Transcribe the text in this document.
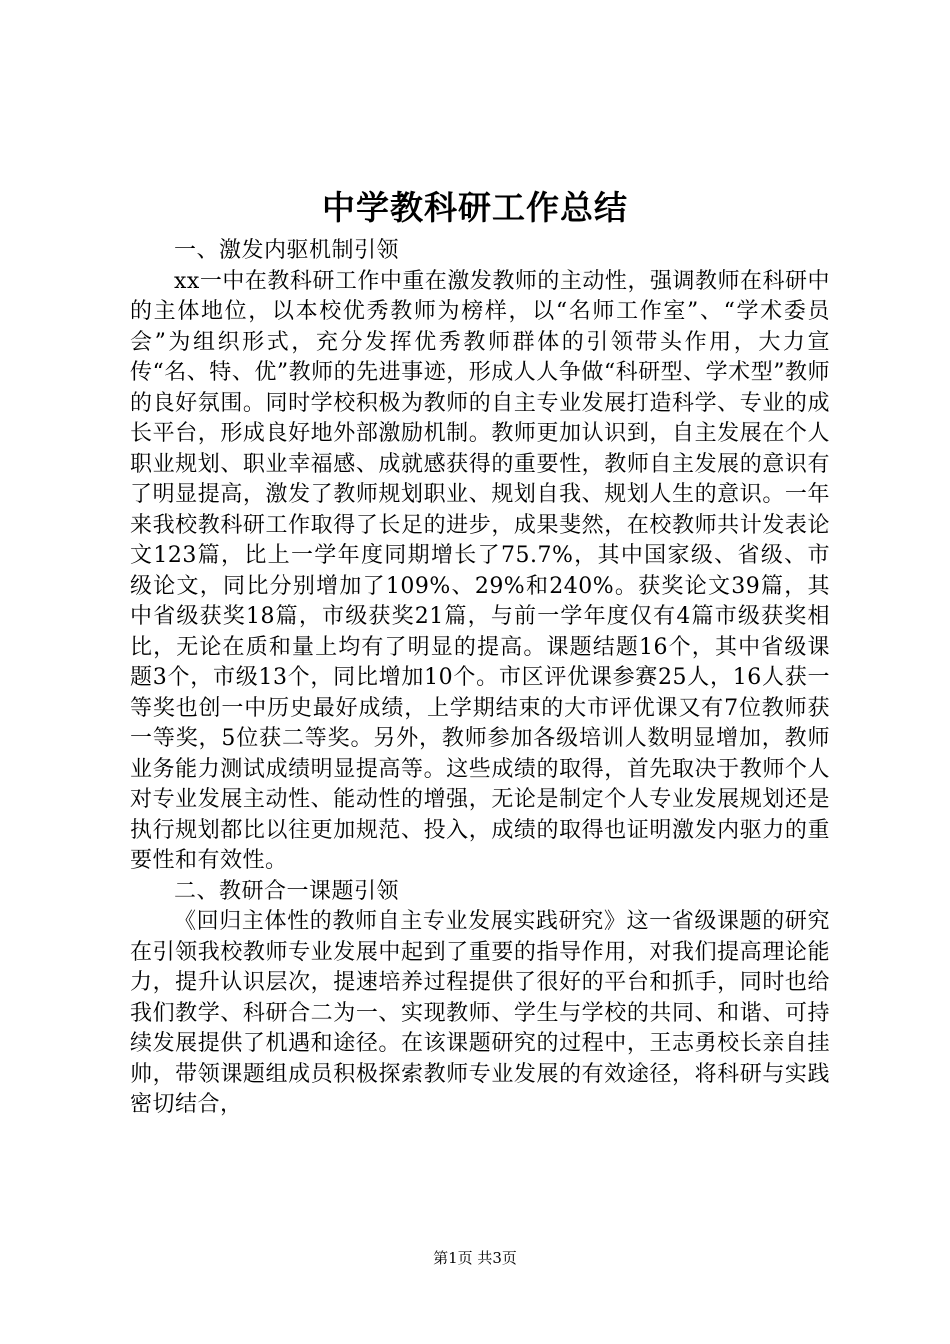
中学教科研工作总结

一、激发内驱机制引领

xx一中在教科研工作中重在激发教师的主动性，强调教师在科研中的主体地位，以本校优秀教师为榜样，以“名师工作室”、“学术委员会”为组织形式，充分发挥优秀教师群体的引领带头作用，大力宣传“名、特、优”教师的先进事迹，形成人人争做“科研型、学术型”教师的良好氛围。同时学校积极为教师的自主专业发展打造科学、专业的成长平台，形成良好地外部激励机制。教师更加认识到，自主发展在个人职业规划、职业幸福感、成就感获得的重要性，教师自主发展的意识有了明显提高，激发了教师规划职业、规划自我、规划人生的意识。一年来我校教科研工作取得了长足的进步，成果斐然，在校教师共计发表论文123篇，比上一学年度同期增长了75.7%，其中国家级、省级、市级论文，同比分别增加了109%、29%和240%。获奖论文39篇，其中省级获奖18篇，市级获奖21篇，与前一学年度仅有4篇市级获奖相比，无论在质和量上均有了明显的提高。课题结题16个，其中省级课题3个，市级13个，同比增加10个。市区评优课参赛25人，16人获一等奖也创一中历史最好成绩，上学期结束的大市评优课又有7位教师获一等奖，5位获二等奖。另外，教师参加各级培训人数明显增加，教师业务能力测试成绩明显提高等。这些成绩的取得，首先取决于教师个人对专业发展主动性、能动性的增强，无论是制定个人专业发展规划还是执行规划都比以往更加规范、投入，成绩的取得也证明激发内驱力的重要性和有效性。

二、教研合一课题引领

《回归主体性的教师自主专业发展实践研究》这一省级课题的研究在引领我校教师专业发展中起到了重要的指导作用，对我们提高理论能力，提升认识层次，提速培养过程提供了很好的平台和抓手，同时也给我们教学、科研合二为一、实现教师、学生与学校的共同、和谐、可持续发展提供了机遇和途径。在该课题研究的过程中，王志勇校长亲自挂帅，带领课题组成员积极探索教师专业发展的有效途径，将科研与实践密切结合，

第1页 共3页
